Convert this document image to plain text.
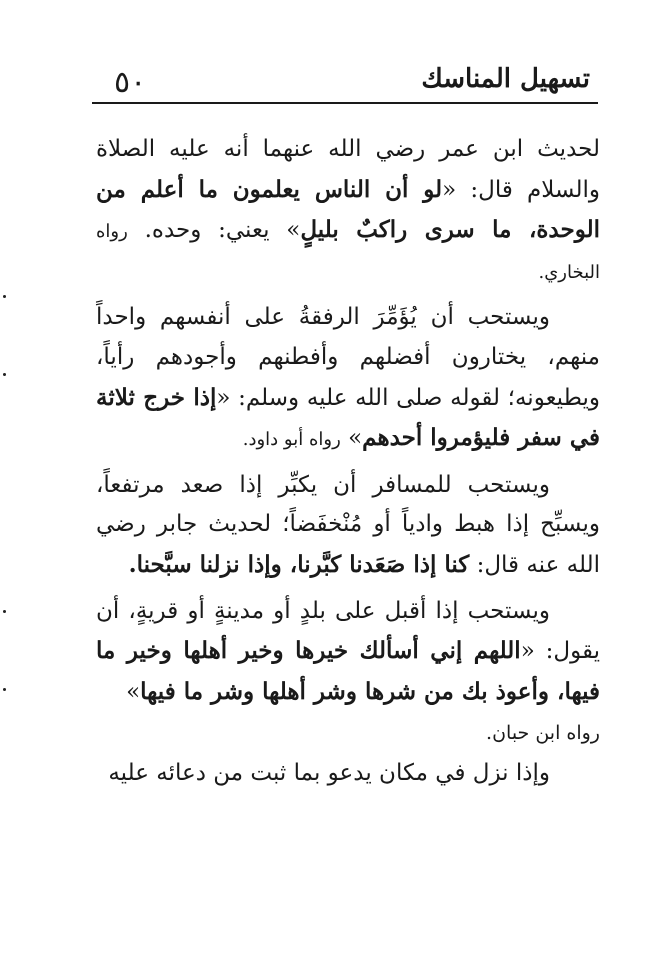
٥٠	تسهيل المناسك

لحديث ابن عمر رضي الله عنهما أنه عليه الصلاة والسلام قال: «لو أن الناس يعلمون ما أعلم من الوحدة، ما سرى راكبٌ بليلٍ» يعني: وحده. رواه البخاري.

ويستحب أن يُؤَمِّرَ الرفقةُ على أنفسهم واحداً منهم، يختارون أفضلهم وأفطنهم وأجودهم رأياً، ويطيعونه؛ لقوله صلى الله عليه وسلم: «إذا خرج ثلاثة في سفر فليؤمروا أحدهم» رواه أبو داود.

ويستحب للمسافر أن يكبِّر إذا صعد مرتفعاً، ويسبِّح إذا هبط وادياً أو مُنْخفَضاً؛ لحديث جابر رضي الله عنه قال: كنا إذا صَعَدنا كبَّرنا، وإذا نزلنا سبَّحنا.

ويستحب إذا أقبل على بلدٍ أو مدينةٍ أو قريةٍ، أن يقول: «اللهم إني أسألك خيرها وخير أهلها وخير ما فيها، وأعوذ بك من شرها وشر أهلها وشر ما فيها»

رواه ابن حبان.

وإذا نزل في مكان يدعو بما ثبت من دعائه عليه
